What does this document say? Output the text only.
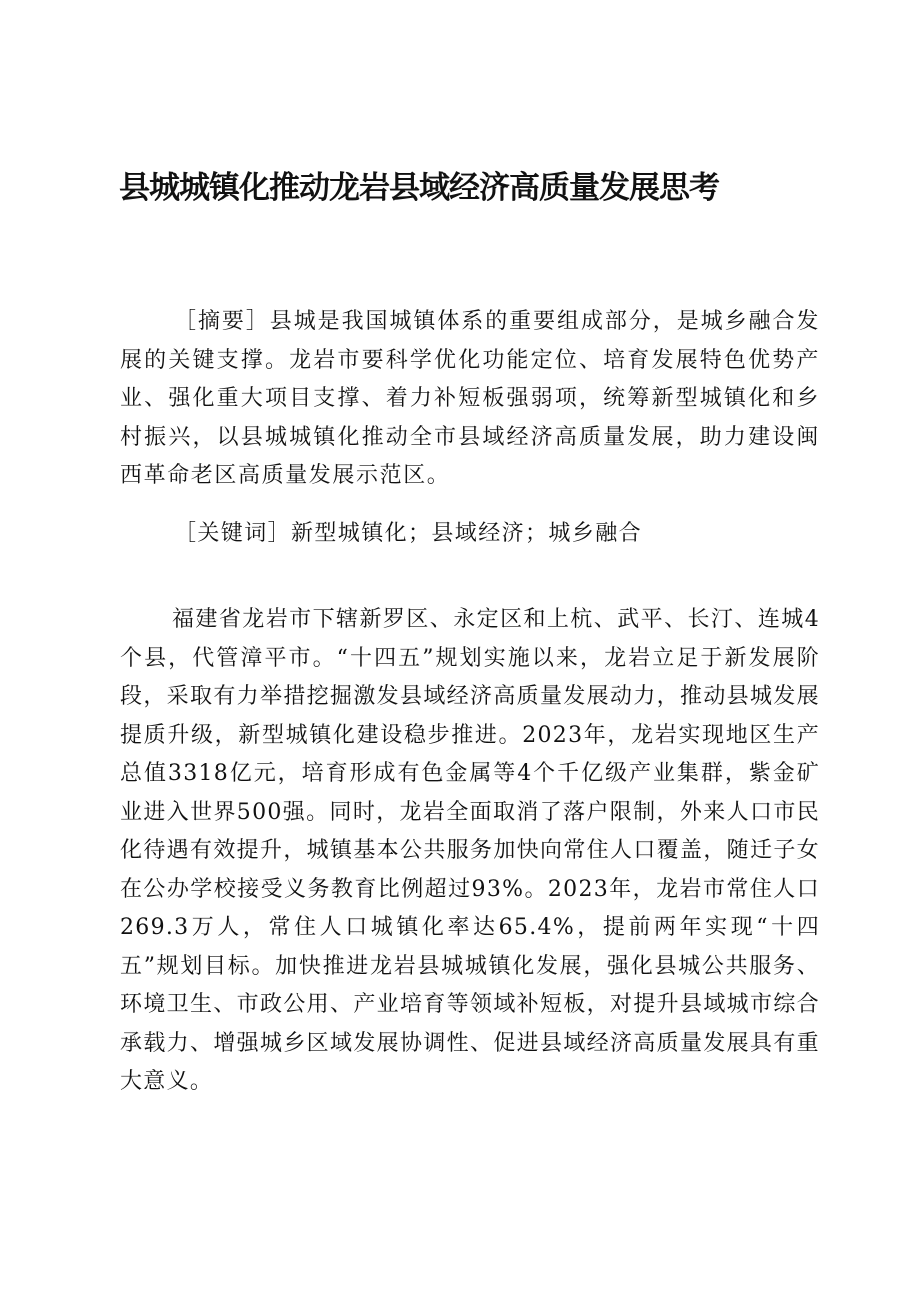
县城城镇化推动龙岩县域经济高质量发展思考

［摘要］县城是我国城镇体系的重要组成部分，是城乡融合发展的关键支撑。龙岩市要科学优化功能定位、培育发展特色优势产业、强化重大项目支撑、着力补短板强弱项，统筹新型城镇化和乡村振兴，以县城城镇化推动全市县域经济高质量发展，助力建设闽西革命老区高质量发展示范区。

［关键词］新型城镇化；县域经济；城乡融合

福建省龙岩市下辖新罗区、永定区和上杭、武平、长汀、连城4个县，代管漳平市。“十四五”规划实施以来，龙岩立足于新发展阶段，采取有力举措挖掘激发县域经济高质量发展动力，推动县城发展提质升级，新型城镇化建设稳步推进。2023年，龙岩实现地区生产总值3318亿元，培育形成有色金属等4个千亿级产业集群，紫金矿业进入世界500强。同时，龙岩全面取消了落户限制，外来人口市民化待遇有效提升，城镇基本公共服务加快向常住人口覆盖，随迁子女在公办学校接受义务教育比例超过93%。2023年，龙岩市常住人口269.3万人，常住人口城镇化率达65.4%，提前两年实现“十四五”规划目标。加快推进龙岩县城城镇化发展，强化县城公共服务、环境卫生、市政公用、产业培育等领域补短板，对提升县域城市综合承载力、增强城乡区域发展协调性、促进县域经济高质量发展具有重大意义。
